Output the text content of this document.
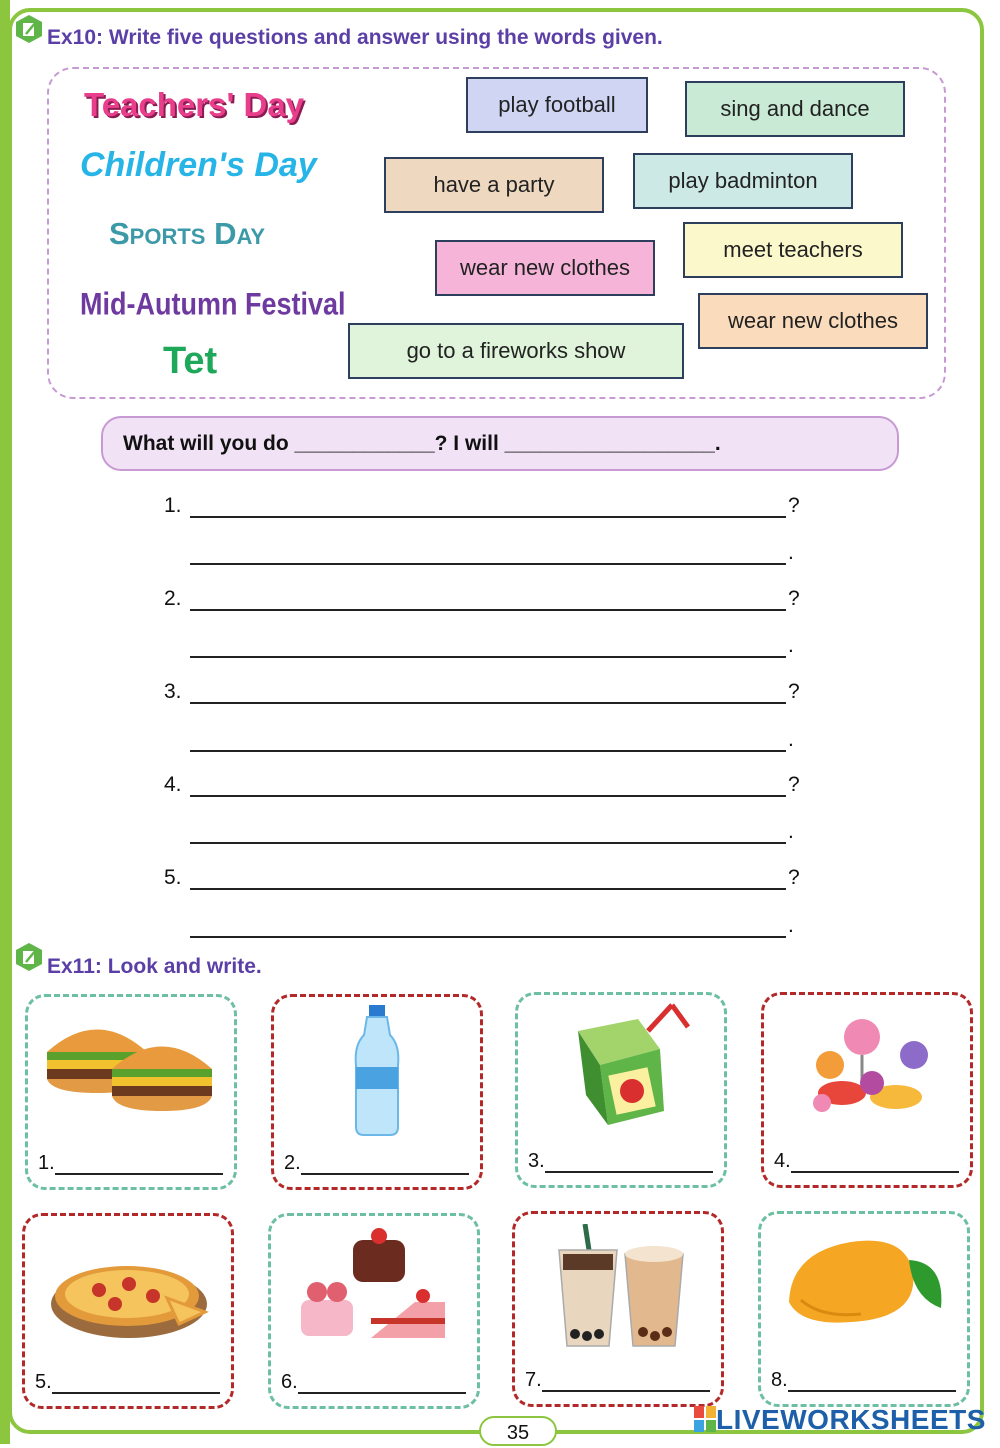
Ex10: Write five questions and answer using the words given.
Teachers' Day
Children's Day
Sports Day
Mid-Autumn Festival
Tet
play football	sing and dance
have a party	play badminton
meet teachers
wear new clothes
wear new clothes
go to a fireworks show
What will you do ____________? I will __________________.
1.	?
.
2.	?
.
3.	?
.
4.	?
.
5.	?
.
Ex11: Look and write.
1.	2.	3.	4.
5.	6.	7.	8.
35	LIVEWORKSHEETS
